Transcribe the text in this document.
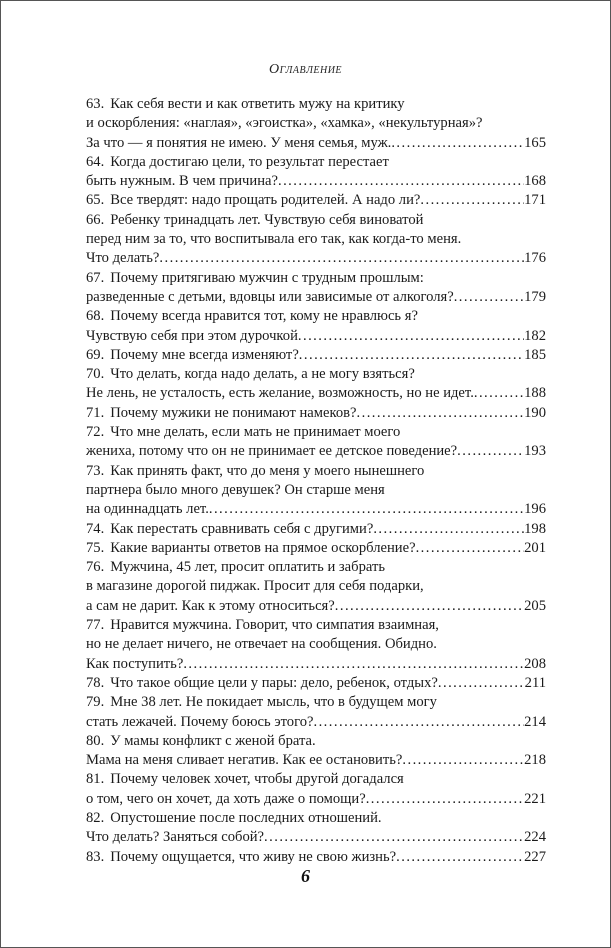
Оглавление
63. Как себя вести и как ответить мужу на критику
и оскорбления: «наглая», «эгоистка», «хамка», «некультурная»?
За что — я понятия не имею. У меня семья, муж. . . .	165
64. Когда достигаю цели, то результат перестает
быть нужным. В чем причина? . . .	168
65. Все твердят: надо прощать родителей. А надо ли? . . .	171
66. Ребенку тринадцать лет. Чувствую себя виноватой
перед ним за то, что воспитывала его так, как когда-то меня.
Что делать? . . .	176
67. Почему притягиваю мужчин с трудным прошлым:
разведенные с детьми, вдовцы или зависимые от алкоголя? . . .	179
68. Почему всегда нравится тот, кому не нравлюсь я?
Чувствую себя при этом дурочкой . . .	182
69. Почему мне всегда изменяют? . . .	185
70. Что делать, когда надо делать, а не могу взяться?
Не лень, не усталость, есть желание, возможность, но не идет. . . .	188
71. Почему мужики не понимают намеков? . . .	190
72. Что мне делать, если мать не принимает моего
жениха, потому что он не принимает ее детское поведение? . . .	193
73. Как принять факт, что до меня у моего нынешнего
партнера было много девушек? Он старше меня
на одиннадцать лет. . . .	196
74. Как перестать сравнивать себя с другими? . . .	198
75. Какие варианты ответов на прямое оскорбление? . . .	201
76. Мужчина, 45 лет, просит оплатить и забрать
в магазине дорогой пиджак. Просит для себя подарки,
а сам не дарит. Как к этому относиться? . . .	205
77. Нравится мужчина. Говорит, что симпатия взаимная,
но не делает ничего, не отвечает на сообщения. Обидно.
Как поступить? . . .	208
78. Что такое общие цели у пары: дело, ребенок, отдых? . . .	211
79. Мне 38 лет. Не покидает мысль, что в будущем могу
стать лежачей. Почему боюсь этого? . . .	214
80. У мамы конфликт с женой брата.
Мама на меня сливает негатив. Как ее остановить? . . .	218
81. Почему человек хочет, чтобы другой догадался
о том, чего он хочет, да хоть даже о помощи? . . .	221
82. Опустошение после последних отношений.
Что делать? Заняться собой? . . .	224
83. Почему ощущается, что живу не свою жизнь? . . .	227
6
